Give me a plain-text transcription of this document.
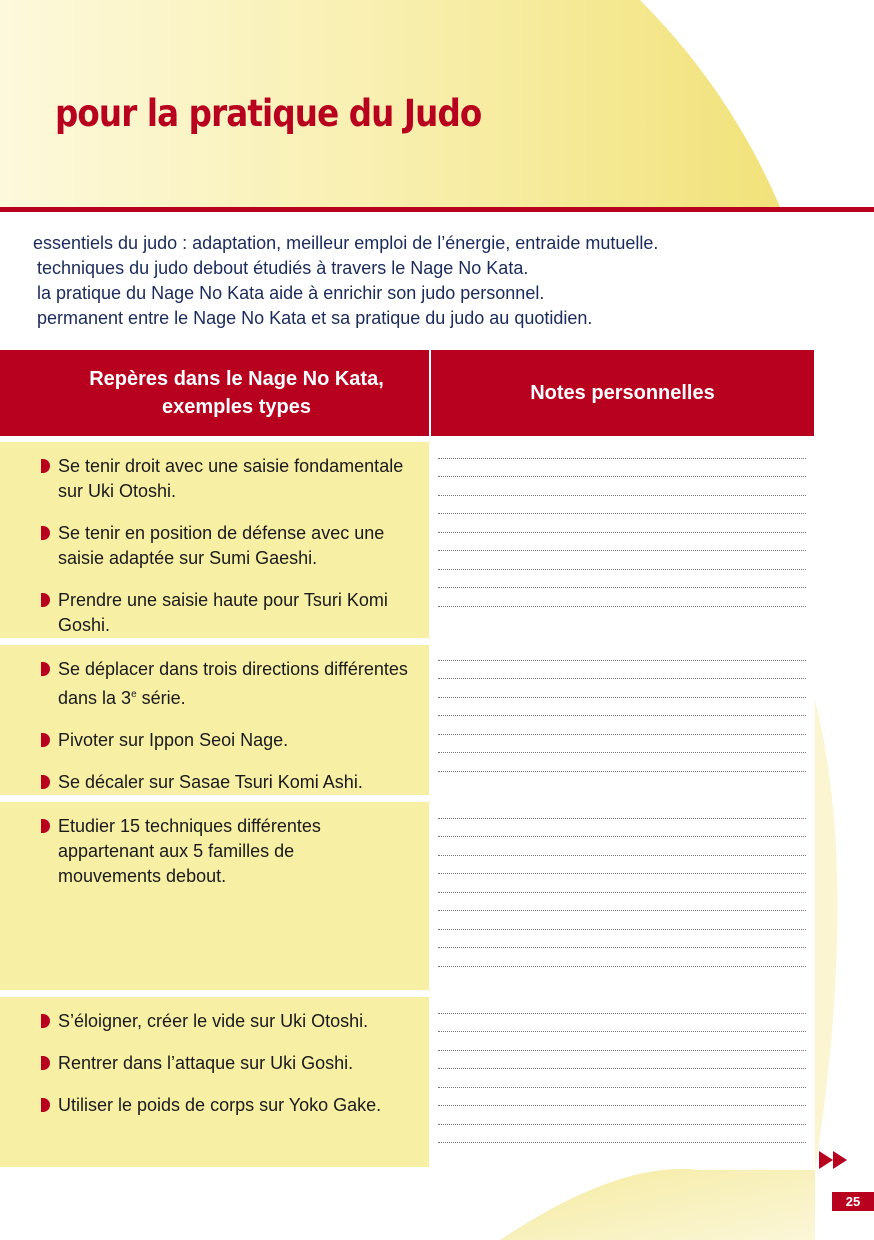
pour la pratique du Judo
essentiels du judo : adaptation, meilleur emploi de l’énergie, entraide mutuelle.
techniques du judo debout étudiés à travers le Nage No Kata.
la pratique du Nage No Kata aide à enrichir son judo personnel.
permanent entre le Nage No Kata et sa pratique du judo au quotidien.
Repères dans le Nage No Kata, exemples types
Notes personnelles
Se tenir droit avec une saisie fondamentale sur Uki Otoshi.
Se tenir en position de défense avec une saisie adaptée sur Sumi Gaeshi.
Prendre une saisie haute pour Tsuri Komi Goshi.
Se déplacer dans trois directions différentes dans la 3e série.
Pivoter sur Ippon Seoi Nage.
Se décaler sur Sasae Tsuri Komi Ashi.
Etudier 15 techniques différentes appartenant aux 5 familles de mouvements debout.
S’éloigner, créer le vide sur Uki Otoshi.
Rentrer dans l’attaque sur Uki Goshi.
Utiliser le poids de corps sur Yoko Gake.
25
